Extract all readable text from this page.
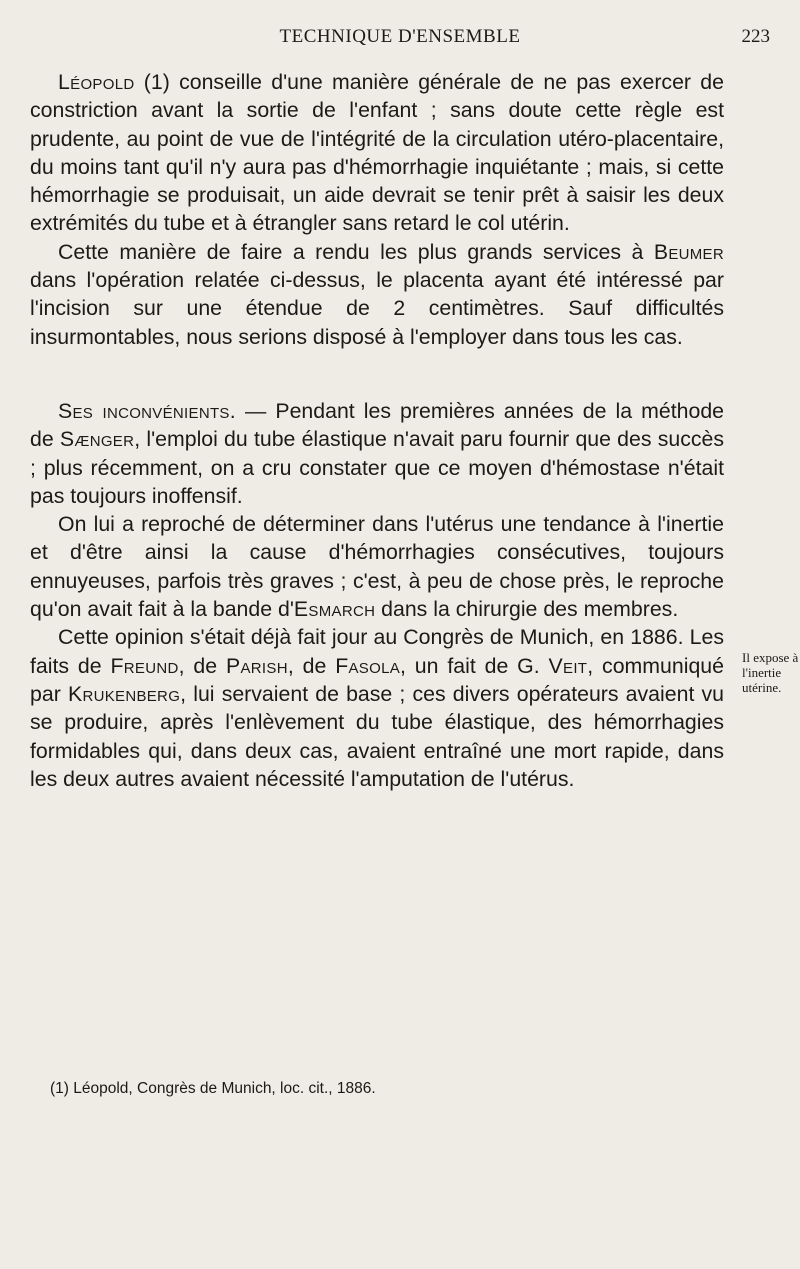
TECHNIQUE D'ENSEMBLE	223

Léopold (1) conseille d'une manière générale de ne pas exercer de constriction avant la sortie de l'enfant ; sans doute cette règle est prudente, au point de vue de l'intégrité de la circulation utéro-placentaire, du moins tant qu'il n'y aura pas d'hémorrhagie inquiétante ; mais, si cette hémorrhagie se produisait, un aide devrait se tenir prêt à saisir les deux extrémités du tube et à étrangler sans retard le col utérin.

Cette manière de faire a rendu les plus grands services à Beumer dans l'opération relatée ci-dessus, le placenta ayant été intéressé par l'incision sur une étendue de 2 centimètres. Sauf difficultés insurmontables, nous serions disposé à l'employer dans tous les cas.

Ses inconvénients. — Pendant les premières années de la méthode de Sænger, l'emploi du tube élastique n'avait paru fournir que des succès ; plus récemment, on a cru constater que ce moyen d'hémostase n'était pas toujours inoffensif.

On lui a reproché de déterminer dans l'utérus une tendance à l'inertie et d'être ainsi la cause d'hémorrhagies consécutives, toujours ennuyeuses, parfois très graves ; c'est, à peu de chose près, le reproche qu'on avait fait à la bande d'Esmarch dans la chirurgie des membres.

Cette opinion s'était déjà fait jour au Congrès de Munich, en 1886. Les faits de Freund, de Parish, de Fasola, un fait de G. Veit, communiqué par Krukenberg, lui servaient de base ; ces divers opérateurs avaient vu se produire, après l'enlèvement du tube élastique, des hémorrhagies formidables qui, dans deux cas, avaient entraîné une mort rapide, dans les deux autres avaient nécessité l'amputation de l'utérus.

Il expose à l'inertie utérine.
(1) Léopold, Congrès de Munich, loc. cit., 1886.
